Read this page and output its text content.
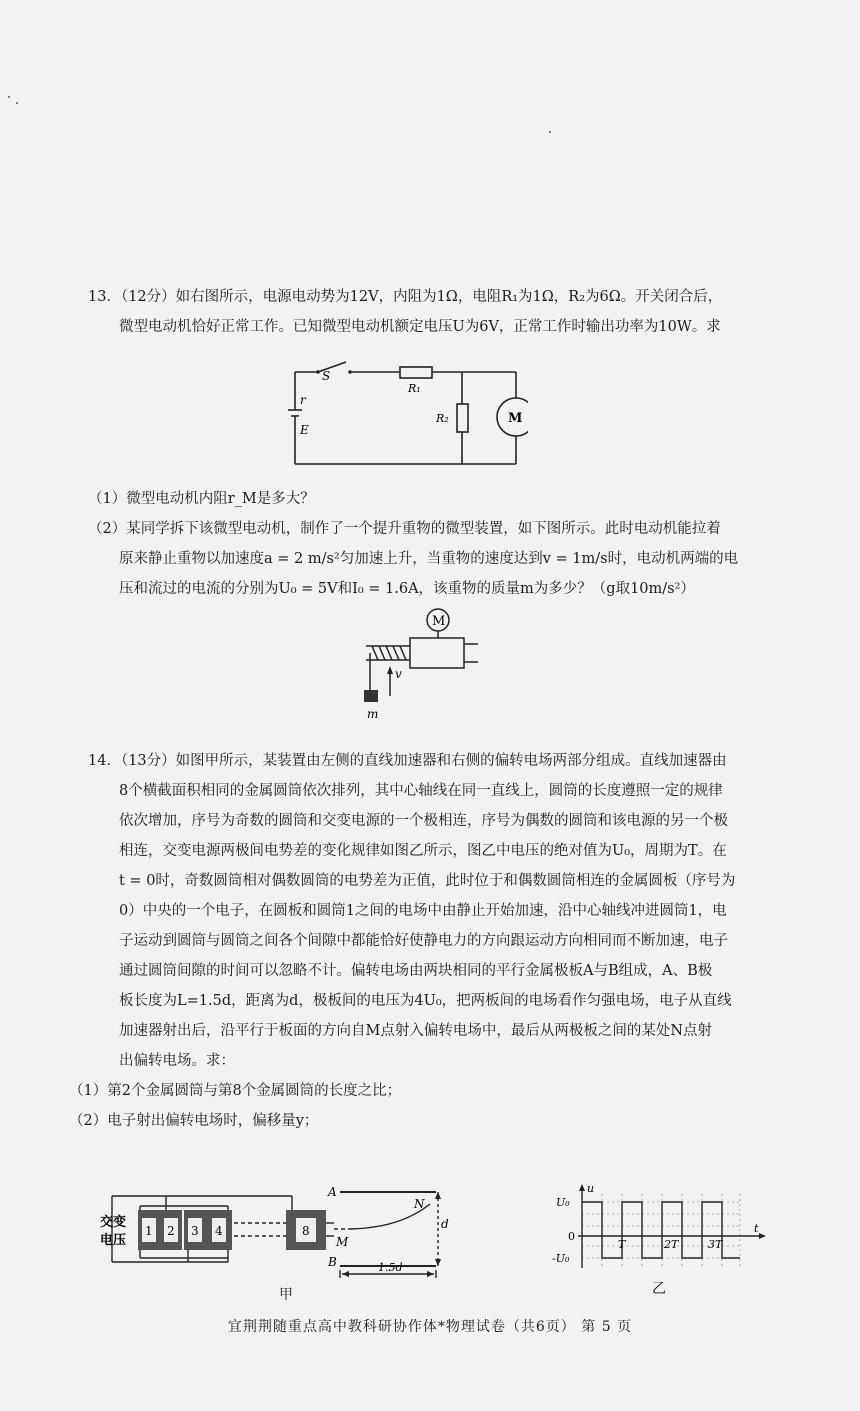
13．（12分）如右图所示，电源电动势为12V，内阻为1Ω，电阻R₁为1Ω，R₂为6Ω。开关闭合后，

微型电动机恰好正常工作。已知微型电动机额定电压U为6V，正常工作时输出功率为10W。求

S
R₁
R₂	M
r
E

（1）微型电动机内阻r_M是多大？

（2）某同学拆下该微型电动机，制作了一个提升重物的微型装置，如下图所示。此时电动机能拉着

原来静止重物以加速度a = 2 m/s²匀加速上升，当重物的速度达到v = 1m/s时，电动机两端的电

压和流过的电流的分别为U₀ = 5V和I₀ = 1.6A，该重物的质量m为多少？（g取10m/s²）

M
v
m

14．（13分）如图甲所示，某装置由左侧的直线加速器和右侧的偏转电场两部分组成。直线加速器由

8个横截面积相同的金属圆筒依次排列，其中心轴线在同一直线上，圆筒的长度遵照一定的规律

依次增加，序号为奇数的圆筒和交变电源的一个极相连，序号为偶数的圆筒和该电源的另一个极

相连，交变电源两极间电势差的变化规律如图乙所示，图乙中电压的绝对值为U₀，周期为T。在

t = 0时，奇数圆筒相对偶数圆筒的电势差为正值，此时位于和偶数圆筒相连的金属圆板（序号为

0）中央的一个电子，在圆板和圆筒1之间的电场中由静止开始加速，沿中心轴线冲进圆筒1，电

子运动到圆筒与圆筒之间各个间隙中都能恰好使静电力的方向跟运动方向相同而不断加速，电子

通过圆筒间隙的时间可以忽略不计。偏转电场由两块相同的平行金属极板A与B组成，A、B极

板长度为L=1.5d，距离为d，极板间的电压为4U₀，把两板间的电场看作匀强电场，电子从直线

加速器射出后，沿平行于板面的方向自M点射入偏转电场中，最后从两极板之间的某处N点射

出偏转电场。求：

（1）第2个金属圆筒与第8个金属圆筒的长度之比；

（2）电子射出偏转电场时，偏移量y；

交变
电压
1 2 3 4	8
A
B
M
N
d
1.5d
甲
u
U₀
0
-U₀
T	2T	3T
t
乙
宜荆荆随重点高中教科研协作体*物理试卷（共6页） 第 5 页
